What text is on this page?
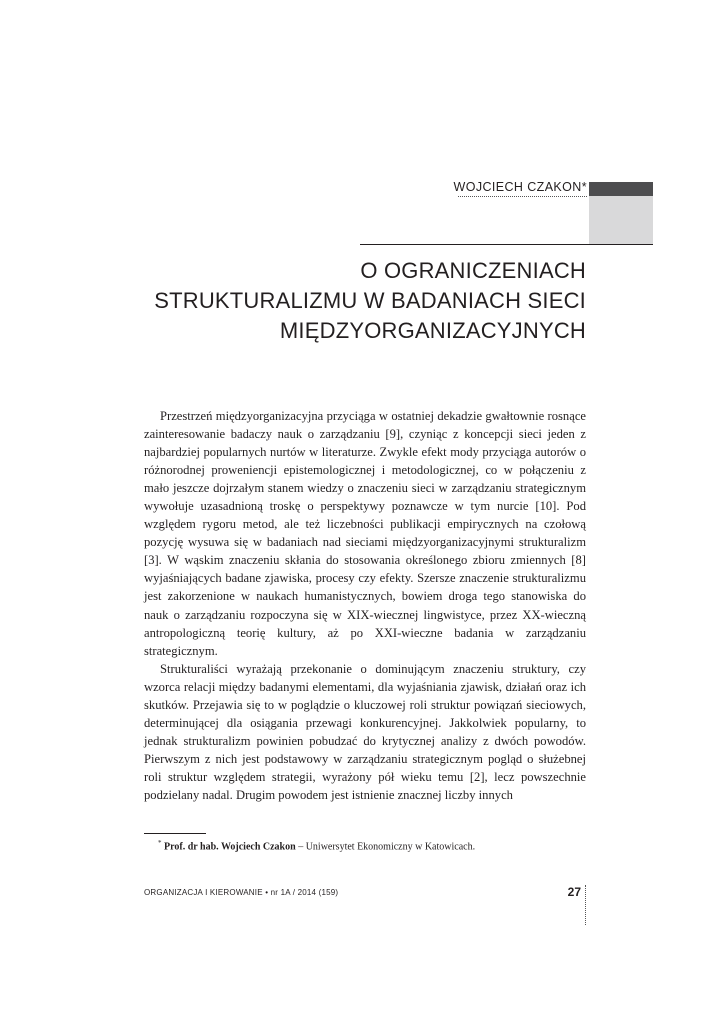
WOJCIECH CZAKON*
O OGRANICZENIACH
STRUKTURALIZMU W BADANIACH SIECI
MIĘDZYORGANIZACYJNYCH

Przestrzeń międzyorganizacyjna przyciąga w ostatniej dekadzie gwałtownie rosnące zainteresowanie badaczy nauk o zarządzaniu [9], czyniąc z koncepcji sieci jeden z najbardziej popularnych nurtów w literaturze. Zwykle efekt mody przyciąga autorów o różnorodnej proweniencji epistemologicznej i metodologicznej, co w połączeniu z mało jeszcze dojrzałym stanem wiedzy o znaczeniu sieci w zarządzaniu strategicznym wywołuje uzasadnioną troskę o perspektywy poznawcze w tym nurcie [10]. Pod względem rygoru metod, ale też liczebności publikacji empirycznych na czołową pozycję wysuwa się w badaniach nad sieciami międzyorganizacyjnymi strukturalizm [3]. W wąskim znaczeniu skłania do stosowania określonego zbioru zmiennych [8] wyjaśniających badane zjawiska, procesy czy efekty. Szersze znaczenie strukturalizmu jest zakorzenione w naukach humanistycznych, bowiem droga tego stanowiska do nauk o zarządzaniu rozpoczyna się w XIX-wiecznej lingwistyce, przez XX-wieczną antropologiczną teorię kultury, aż po XXI-wieczne badania w zarządzaniu strategicznym.

Strukturaliści wyrażają przekonanie o dominującym znaczeniu struktury, czy wzorca relacji między badanymi elementami, dla wyjaśniania zjawisk, działań oraz ich skutków. Przejawia się to w poglądzie o kluczowej roli struktur powiązań sieciowych, determinującej dla osiągania przewagi konkurencyjnej. Jakkolwiek popularny, to jednak strukturalizm powinien pobudzać do krytycznej analizy z dwóch powodów. Pierwszym z nich jest podstawowy w zarządzaniu strategicznym pogląd o służebnej roli struktur względem strategii, wyrażony pół wieku temu [2], lecz powszechnie podzielany nadal. Drugim powodem jest istnienie znacznej liczby innych

* Prof. dr hab. Wojciech Czakon – Uniwersytet Ekonomiczny w Katowicach.
ORGANIZACJA I KIEROWANIE • nr 1A / 2014 (159)	27
